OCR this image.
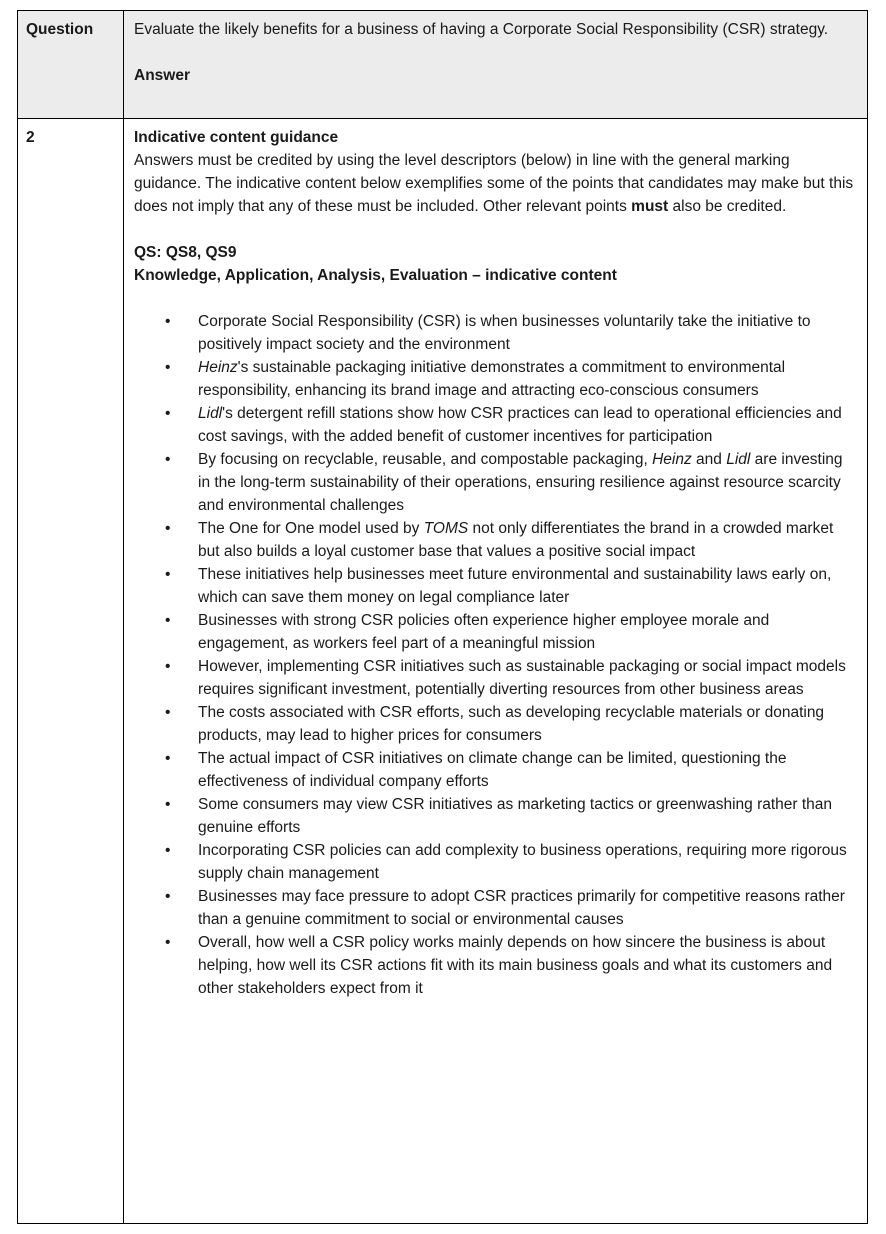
Question	Evaluate the likely benefits for a business of having a Corporate Social Responsibility (CSR) strategy.
Answer

2	Indicative content guidance
Answers must be credited by using the level descriptors (below) in line with the general marking guidance. The indicative content below exemplifies some of the points that candidates may make but this does not imply that any of these must be included. Other relevant points must also be credited.
QS: QS8, QS9
Knowledge, Application, Analysis, Evaluation – indicative content
• Corporate Social Responsibility (CSR) is when businesses voluntarily take the initiative to positively impact society and the environment
• Heinz's sustainable packaging initiative demonstrates a commitment to environmental responsibility, enhancing its brand image and attracting eco-conscious consumers
• Lidl's detergent refill stations show how CSR practices can lead to operational efficiencies and cost savings, with the added benefit of customer incentives for participation
• By focusing on recyclable, reusable, and compostable packaging, Heinz and Lidl are investing in the long-term sustainability of their operations, ensuring resilience against resource scarcity and environmental challenges
• The One for One model used by TOMS not only differentiates the brand in a crowded market but also builds a loyal customer base that values a positive social impact
• These initiatives help businesses meet future environmental and sustainability laws early on, which can save them money on legal compliance later
• Businesses with strong CSR policies often experience higher employee morale and engagement, as workers feel part of a meaningful mission
• However, implementing CSR initiatives such as sustainable packaging or social impact models requires significant investment, potentially diverting resources from other business areas
• The costs associated with CSR efforts, such as developing recyclable materials or donating products, may lead to higher prices for consumers
• The actual impact of CSR initiatives on climate change can be limited, questioning the effectiveness of individual company efforts
• Some consumers may view CSR initiatives as marketing tactics or greenwashing rather than genuine efforts
• Incorporating CSR policies can add complexity to business operations, requiring more rigorous supply chain management
• Businesses may face pressure to adopt CSR practices primarily for competitive reasons rather than a genuine commitment to social or environmental causes
• Overall, how well a CSR policy works mainly depends on how sincere the business is about helping, how well its CSR actions fit with its main business goals and what its customers and other stakeholders expect from it
